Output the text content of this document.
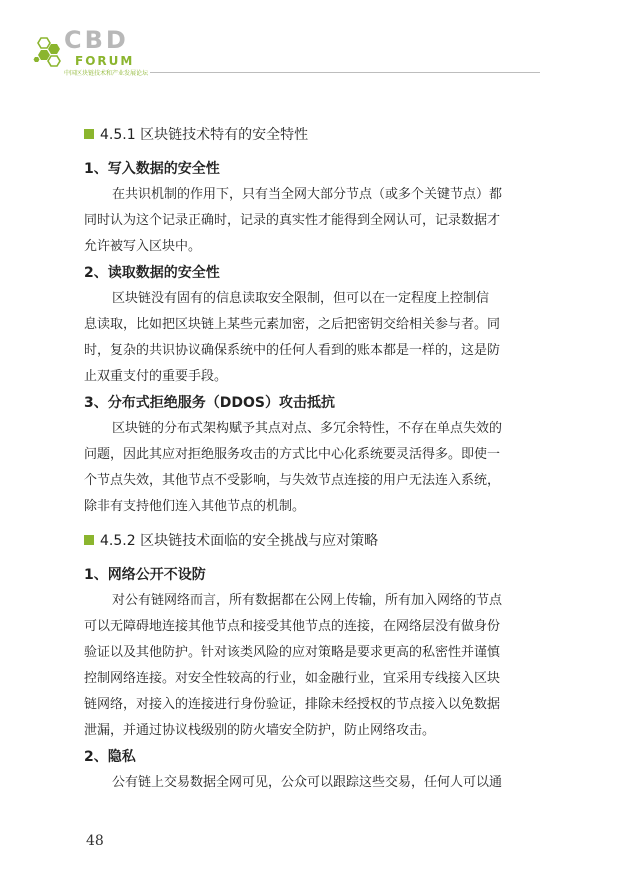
CBD
FORUM
中国区块链技术和产业发展论坛
4.5.1 区块链技术特有的安全特性
1、写入数据的安全性
在共识机制的作用下，只有当全网大部分节点（或多个关键节点）都
同时认为这个记录正确时，记录的真实性才能得到全网认可，记录数据才
允许被写入区块中。
2、读取数据的安全性
区块链没有固有的信息读取安全限制，但可以在一定程度上控制信
息读取，比如把区块链上某些元素加密，之后把密钥交给相关参与者。同
时，复杂的共识协议确保系统中的任何人看到的账本都是一样的，这是防
止双重支付的重要手段。
3、分布式拒绝服务（DDOS）攻击抵抗
区块链的分布式架构赋予其点对点、多冗余特性，不存在单点失效的
问题，因此其应对拒绝服务攻击的方式比中心化系统要灵活得多。即使一
个节点失效，其他节点不受影响，与失效节点连接的用户无法连入系统，
除非有支持他们连入其他节点的机制。
4.5.2 区块链技术面临的安全挑战与应对策略
1、网络公开不设防
对公有链网络而言，所有数据都在公网上传输，所有加入网络的节点
可以无障碍地连接其他节点和接受其他节点的连接，在网络层没有做身份
验证以及其他防护。针对该类风险的应对策略是要求更高的私密性并谨慎
控制网络连接。对安全性较高的行业，如金融行业，宜采用专线接入区块
链网络，对接入的连接进行身份验证，排除未经授权的节点接入以免数据
泄漏，并通过协议栈级别的防火墙安全防护，防止网络攻击。
2、隐私
公有链上交易数据全网可见，公众可以跟踪这些交易，任何人可以通
48
